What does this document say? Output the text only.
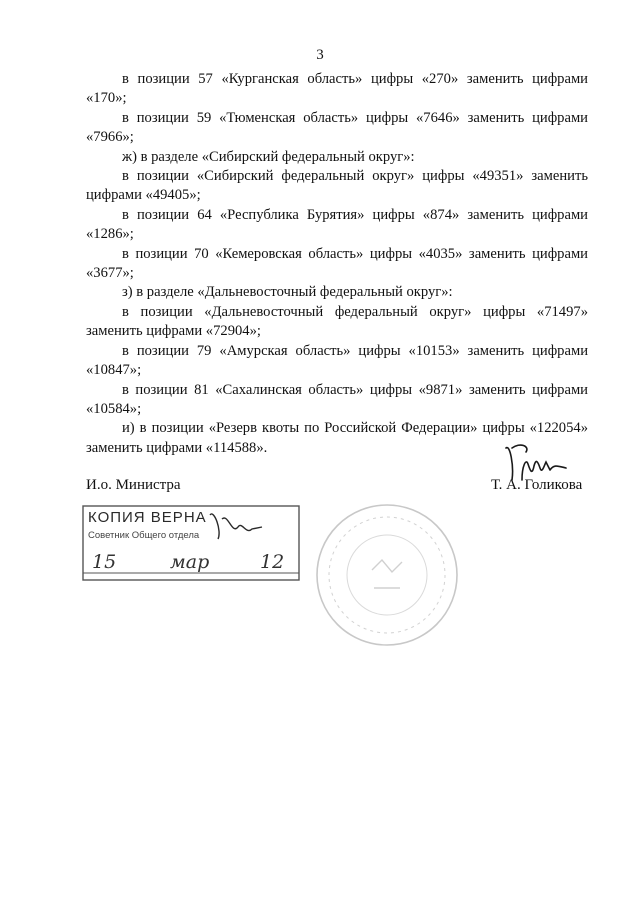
3

в позиции 57 «Курганская область» цифры «270» заменить цифрами «170»;

в позиции 59 «Тюменская область» цифры «7646» заменить цифрами «7966»;

ж) в разделе «Сибирский федеральный округ»:

в позиции «Сибирский федеральный округ» цифры «49351» заменить цифрами «49405»;

в позиции 64 «Республика Бурятия» цифры «874» заменить цифрами «1286»;

в позиции 70 «Кемеровская область» цифры «4035» заменить цифрами «3677»;

з) в разделе «Дальневосточный федеральный округ»:

в позиции «Дальневосточный федеральный округ» цифры «71497» заменить цифрами «72904»;

в позиции 79 «Амурская область» цифры «10153» заменить цифрами «10847»;

в позиции 81 «Сахалинская область» цифры «9871» заменить цифрами «10584»;

и) в позиции «Резерв квоты по Российской Федерации» цифры «122054» заменить цифрами «114588».

И.о. Министра	Т. А. Голикова
КОПИЯ ВЕРНА
Советник Общего отдела
15	мар	12
